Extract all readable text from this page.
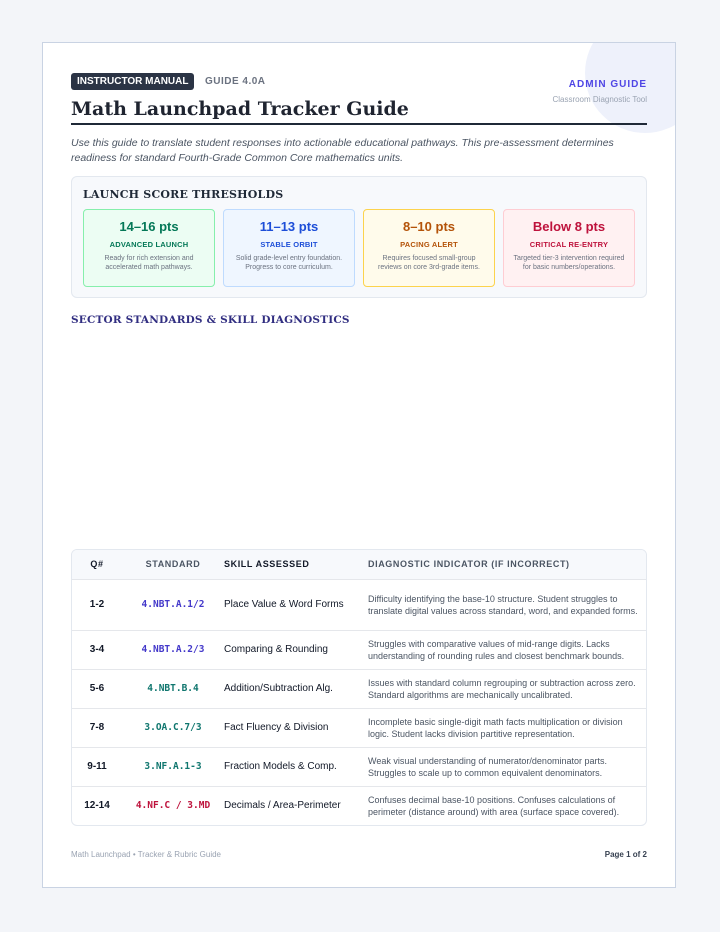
INSTRUCTOR MANUAL GUIDE 4.0A
Math Launchpad Tracker Guide
ADMIN GUIDE
Classroom Diagnostic Tool
Use this guide to translate student responses into actionable educational pathways. This pre-assessment determines readiness for standard Fourth-Grade Common Core mathematics units.
LAUNCH SCORE THRESHOLDS
14–16 pts
ADVANCED LAUNCH
Ready for rich extension and accelerated math pathways.
11–13 pts
STABLE ORBIT
Solid grade-level entry foundation. Progress to core curriculum.
8–10 pts
PACING ALERT
Requires focused small-group reviews on core 3rd-grade items.
Below 8 pts
CRITICAL RE-ENTRY
Targeted tier-3 intervention required for basic numbers/operations.
SECTOR STANDARDS & SKILL DIAGNOSTICS
Q#	STANDARD	SKILL ASSESSED	DIAGNOSTIC INDICATOR (IF INCORRECT)
1-2	4.NBT.A.1/2	Place Value & Word Forms	Difficulty identifying the base-10 structure. Student struggles to translate digital values across standard, word, and expanded forms.
3-4	4.NBT.A.2/3	Comparing & Rounding	Struggles with comparative values of mid-range digits. Lacks understanding of rounding rules and closest benchmark bounds.
5-6	4.NBT.B.4	Addition/Subtraction Alg.	Issues with standard column regrouping or subtraction across zero. Standard algorithms are mechanically uncalibrated.
7-8	3.OA.C.7/3	Fact Fluency & Division	Incomplete basic single-digit math facts multiplication or division logic. Student lacks division partitive representation.
9-11	3.NF.A.1-3	Fraction Models & Comp.	Weak visual understanding of numerator/denominator parts. Struggles to scale up to common equivalent denominators.
12-14	4.NF.C / 3.MD	Decimals / Area-Perimeter	Confuses decimal base-10 positions. Confuses calculations of perimeter (distance around) with area (surface space covered).
Math Launchpad • Tracker & Rubric Guide	Page 1 of 2
